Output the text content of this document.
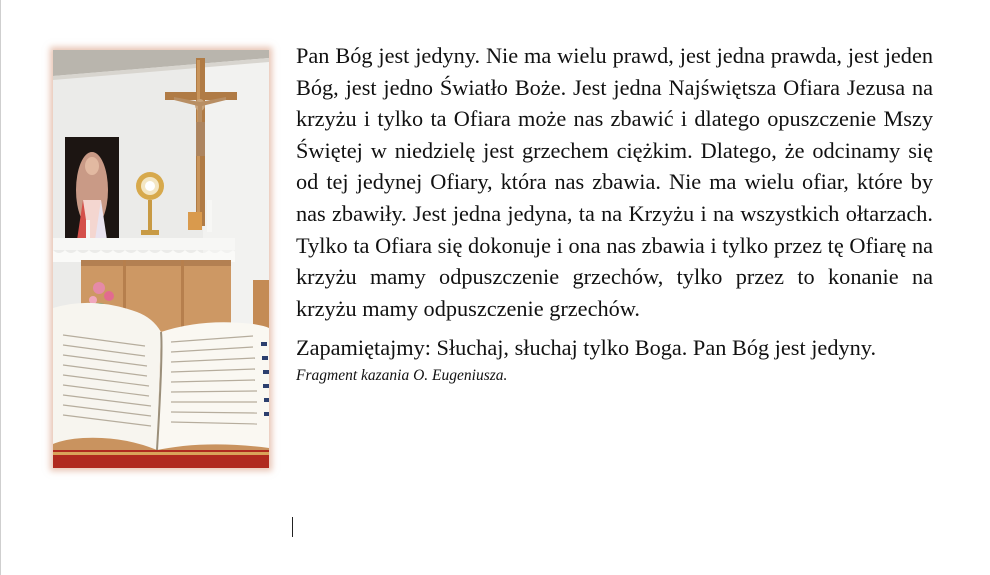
Pan Bóg jest jedyny. Nie ma wielu prawd, jest jedna prawda, jest jeden Bóg, jest jedno Światło Boże. Jest jedna Najświętsza Ofiara Jezusa na krzyżu i tylko ta Ofiara może nas zbawić i dlatego opuszczenie Mszy Świętej w niedzielę jest grzechem ciężkim. Dlatego, że odcinamy się od tej jedynej Ofiary, która nas zbawia. Nie ma wielu ofiar, które by nas zbawiły. Jest jedna jedyna, ta na Krzyżu i na wszystkich ołtarzach. Tylko ta Ofiara się dokonuje i ona nas zbawia i tylko przez tę Ofiarę na krzyżu mamy odpuszczenie grzechów, tylko przez to konanie na krzyżu mamy odpuszczenie grzechów.

Zapamiętajmy: Słuchaj, słuchaj tylko Boga. Pan Bóg jest jedyny.

Fragment kazania O. Eugeniusza.
